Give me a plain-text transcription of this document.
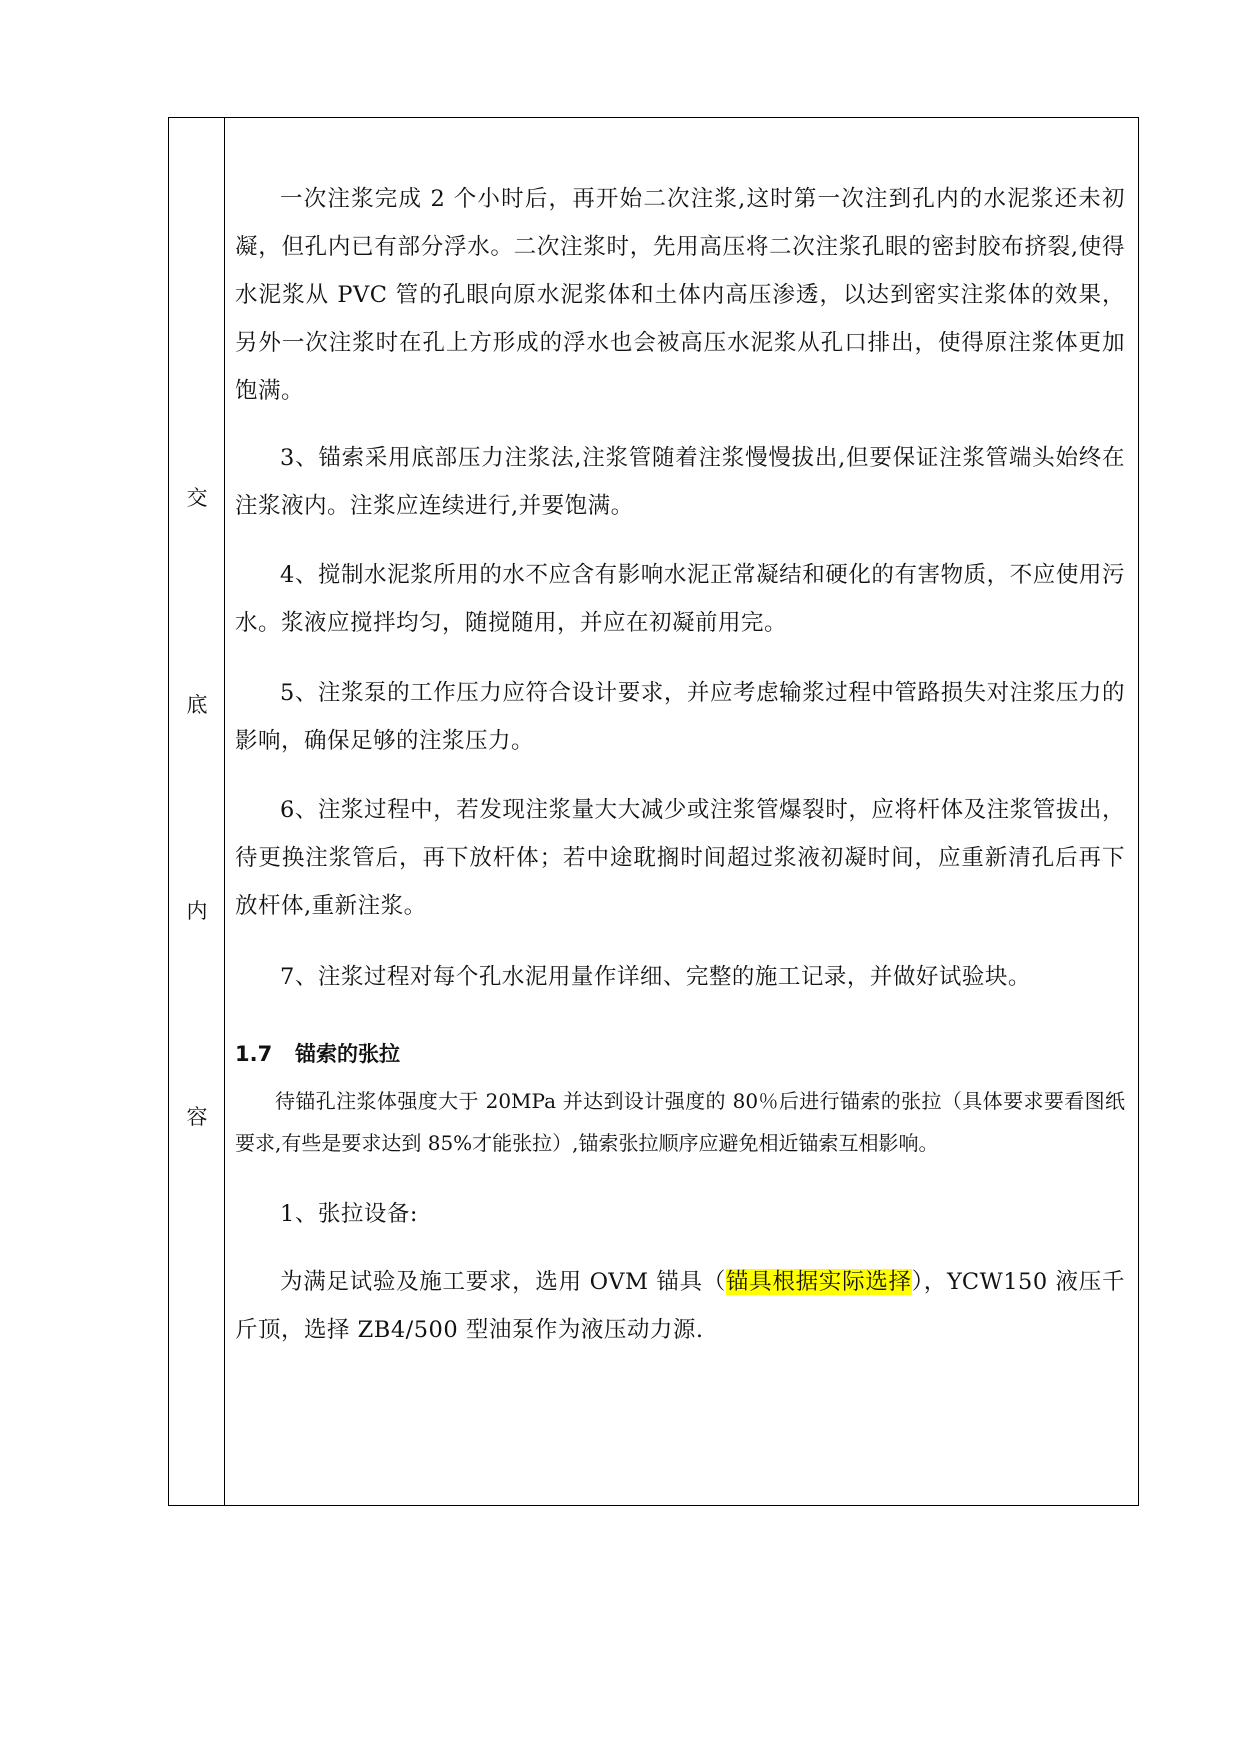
交
底
内
容
一次注浆完成 2 个小时后，再开始二次注浆,这时第一次注到孔内的水泥浆还未初凝，但孔内已有部分浮水。二次注浆时，先用高压将二次注浆孔眼的密封胶布挤裂,使得水泥浆从 PVC 管的孔眼向原水泥浆体和土体内高压渗透，以达到密实注浆体的效果，另外一次注浆时在孔上方形成的浮水也会被高压水泥浆从孔口排出，使得原注浆体更加饱满。
3、锚索采用底部压力注浆法,注浆管随着注浆慢慢拔出,但要保证注浆管端头始终在注浆液内。注浆应连续进行,并要饱满。
4、搅制水泥浆所用的水不应含有影响水泥正常凝结和硬化的有害物质，不应使用污水。浆液应搅拌均匀，随搅随用，并应在初凝前用完。
5、注浆泵的工作压力应符合设计要求，并应考虑输浆过程中管路损失对注浆压力的影响，确保足够的注浆压力。
6、注浆过程中，若发现注浆量大大减少或注浆管爆裂时，应将杆体及注浆管拔出，待更换注浆管后，再下放杆体；若中途耽搁时间超过浆液初凝时间，应重新清孔后再下放杆体,重新注浆。
7、注浆过程对每个孔水泥用量作详细、完整的施工记录，并做好试验块。
1.7 锚索的张拉
待锚孔注浆体强度大于 20MPa 并达到设计强度的 80％后进行锚索的张拉（具体要求要看图纸要求,有些是要求达到 85%才能张拉）,锚索张拉顺序应避免相近锚索互相影响。
1、张拉设备:
为满足试验及施工要求，选用 OVM 锚具（锚具根据实际选择），YCW150 液压千斤顶，选择 ZB4/500 型油泵作为液压动力源.
